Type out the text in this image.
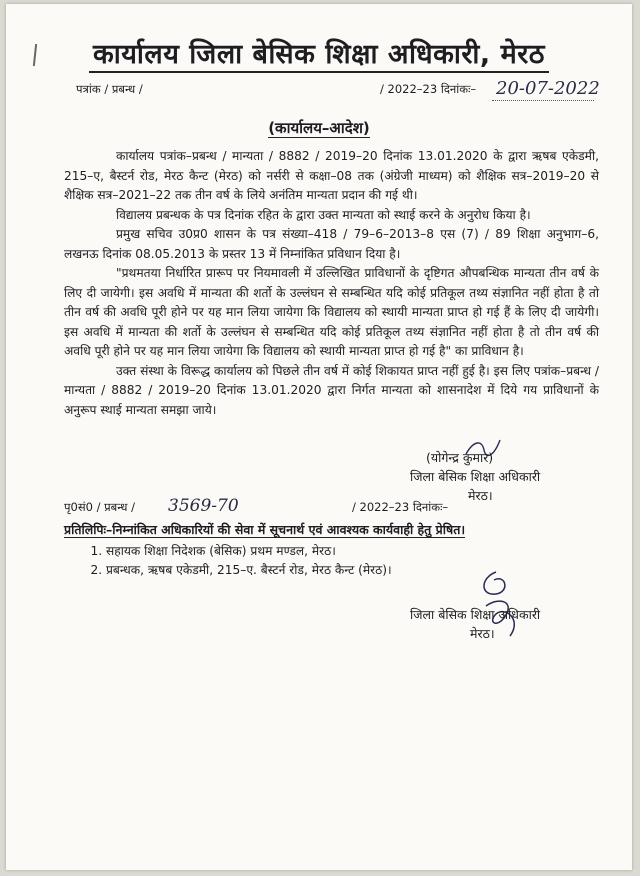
कार्यालय जिला बेसिक शिक्षा अधिकारी, मेरठ
पत्रांक / प्रबन्ध /	/ 2022–23 दिनांकः– 20-07-2022
(कार्यालय–आदेश)

कार्यालय पत्रांक–प्रबन्ध / मान्यता / 8882 / 2019–20 दिनांक 13.01.2020 के द्वारा ऋषब एकेडमी, 215–ए, बैस्टर्न रोड, मेरठ कैन्ट (मेरठ) को नर्सरी से कक्षा–08 तक (अंग्रेजी माध्यम) को शैक्षिक सत्र–2019–20 से शैक्षिक सत्र–2021–22 तक तीन वर्ष के लिये अनंतिम मान्यता प्रदान की गई थी।

विद्यालय प्रबन्धक के पत्र दिनांक रहित के द्वारा उक्त मान्यता को स्थाई करने के अनुरोध किया है।

प्रमुख सचिव उ0प्र0 शासन के पत्र संख्या–418 / 79–6–2013–8 एस (7) / 89 शिक्षा अनुभाग–6, लखनऊ दिनांक 08.05.2013 के प्रस्तर 13 में निम्नांकित प्रविधान दिया है।

"प्रथमतया निर्धारित प्रारूप पर नियमावली में उल्लिखित प्राविधानों के दृष्टिगत औपबन्धिक मान्यता तीन वर्ष के लिए दी जायेगी। इस अवधि में मान्यता की शर्तो के उल्लंघन से सम्बन्धित यदि कोई प्रतिकूल तथ्य संज्ञानित नहीं होता है तो तीन वर्ष की अवधि पूरी होने पर यह मान लिया जायेगा कि विद्यालय को स्थायी मान्यता प्राप्त हो गई हैं के लिए दी जायेगी। इस अवधि में मान्यता की शर्तो के उल्लंघन से सम्बन्धित यदि कोई प्रतिकूल तथ्य संज्ञानित नहीं होता है तो तीन वर्ष की अवधि पूरी होने पर यह मान लिया जायेगा कि विद्यालय को स्थायी मान्यता प्राप्त हो गई है" का प्राविधान है।

उक्त संस्था के विरूद्ध कार्यालय को पिछले तीन वर्ष में कोई शिकायत प्राप्त नहीं हुई है। इस लिए पत्रांक–प्रबन्ध / मान्यता / 8882 / 2019–20 दिनांक 13.01.2020 द्वारा निर्गत मान्यता को शासनादेश में दिये गय प्राविधानों के अनुरूप स्थाई मान्यता समझा जाये।

(योगेन्द्र कुमार)
जिला बेसिक शिक्षा अधिकारी
मेरठ।
पृ0सं0 / प्रबन्ध / 3569-70	/ 2022–23 दिनांकः–
प्रतिलिपिः–निम्नांकित अधिकारियों की सेवा में सूचनार्थ एवं आवश्यक कार्यवाही हेतु प्रेषित।
1. सहायक शिक्षा निदेशक (बेसिक) प्रथम मण्डल, मेरठ।
2. प्रबन्धक, ऋषब एकेडमी, 215–ए. बैस्टर्न रोड, मेरठ कैन्ट (मेरठ)।
जिला बेसिक शिक्षा अधिकारी
मेरठ।
